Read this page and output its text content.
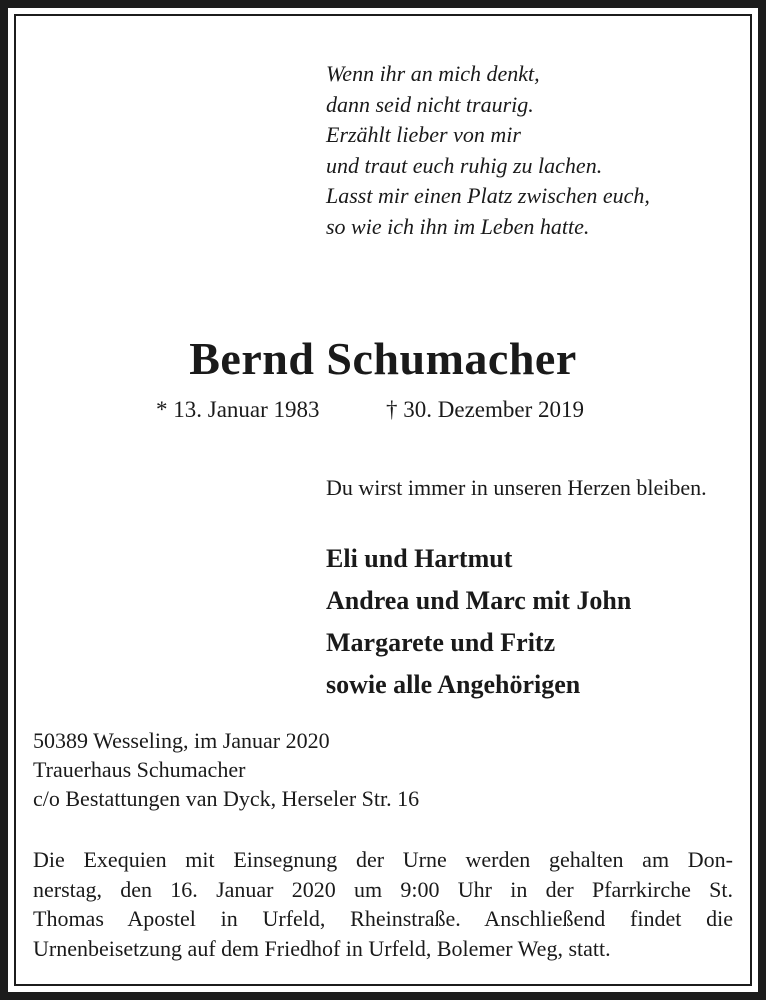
Wenn ihr an mich denkt,
dann seid nicht traurig.
Erzählt lieber von mir
und traut euch ruhig zu lachen.
Lasst mir einen Platz zwischen euch,
so wie ich ihn im Leben hatte.
Bernd Schumacher
* 13. Januar 1983	† 30. Dezember 2019
Du wirst immer in unseren Herzen bleiben.
Eli und Hartmut
Andrea und Marc mit John
Margarete und Fritz
sowie alle Angehörigen
50389 Wesseling, im Januar 2020
Trauerhaus Schumacher
c/o Bestattungen van Dyck, Herseler Str. 16
Die Exequien mit Einsegnung der Urne werden gehalten am Don-
nerstag, den 16. Januar 2020 um 9:00 Uhr in der Pfarrkirche St.
Thomas Apostel in Urfeld, Rheinstraße. Anschließend findet die
Urnenbeisetzung auf dem Friedhof in Urfeld, Bolemer Weg, statt.
